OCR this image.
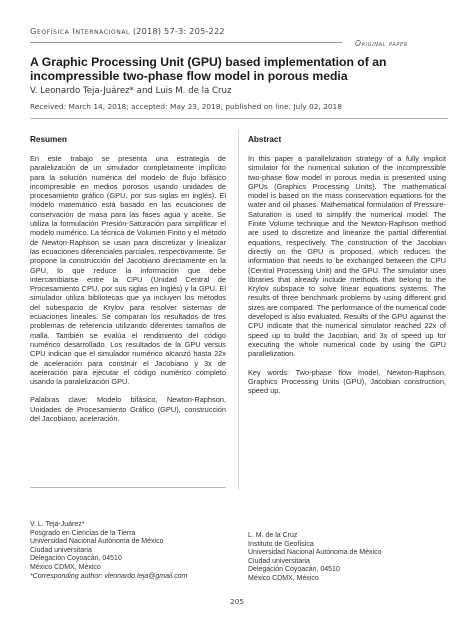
Geofísica Internacional (2018) 57-3: 205-222
Original paper
A Graphic Processing Unit (GPU) based implementation of an incompressible two-phase flow model in porous media
V. Leonardo Teja-Juárez* and Luis M. de la Cruz
Received: March 14, 2018; accepted: May 23, 2018; published on line: July 02, 2018
Resumen	Abstract

En este trabajo se presenta una estrategia de paralelización de un simulador completamente implícito para la solución numérica del modelo de flujo bifásico incompresible en medios porosos usando unidades de procesamiento gráfico (GPU, por sus siglas en inglés). El modelo matemático está basado en las ecuaciones de conservación de masa para las fases agua y aceite. Se utiliza la formulación Presión-Saturación para simplificar el modelo numérico. La técnica de Volumen Finito y el método de Newton-Raphson se usan para discretizar y linealizar las ecuaciones diferenciales parciales, respectivamente. Se propone la construcción del Jacobiano directamente en la GPU, lo que reduce la información que debe intercambiarse entre la CPU (Unidad Central de Procesamiento CPU, por sus siglas en inglés) y la GPU. El simulador utiliza bibliotecas que ya incluyen los métodos del subespacio de Krylov para resolver sistemas de ecuaciones lineales. Se comparan los resultados de tres problemas de referencia utilizando diferentes tamaños de malla. También se evalúa el rendimiento del código numérico desarrollado. Los resultados de la GPU versus CPU indican que el simulador numérico alcanzó hasta 22x de aceleración para construir el Jacobiano y 3x de aceleración para ejecutar el código numérico completo usando la paralelización GPU.

Palabras clave: Modelo bifásico, Newton-Raphson, Unidades de Procesamiento Gráfico (GPU), construcción del Jacobiano, aceleración.

In this paper a parallelization strategy of a fully implicit simulator for the numerical solution of the incompressible two-phase flow model in porous media is presented using GPUs (Graphics Processing Units). The mathematical model is based on the mass conservation equations for the water and oil phases. Mathematical formulation of Pressure-Saturation is used to simplify the numerical model. The Finite Volume technique and the Newton-Raphson method are used to discretize and linearize the partial differential equations, respectively. The construction of the Jacobian directly on the GPU is proposed, which reduces the information that needs to be exchanged between the CPU (Central Processing Unit) and the GPU. The simulator uses libraries that already include methods that belong to the Krylov subspace to solve linear equations systems. The results of three benchmark problems by using different grid sizes are compared. The performance of the numerical code developed is also evaluated. Results of the GPU against the CPU indicate that the numerical simulator reached 22x of speed up to build the Jacobian, and 3x of speed up for executing the whole numerical code by using the GPU parallelization.

Key words: Two-phase flow model, Newton-Raphson, Graphics Processing Units (GPU), Jacobian construction, speed up.

V. L. Teja-Juárez*
Posgrado en Ciencias de la Tierra
Universidad Nacional Autónoma de México
Ciudad universitaria
Delegación Coyoacán, 04510
México CDMX, México
*Corresponding author: vleonardo.teja@gmail.com
L. M. de la Cruz
Instituto de Geofísica
Universidad Nacional Autónoma de México
Ciudad universitaria
Delegación Coyoacán, 04510
México CDMX, México
205
